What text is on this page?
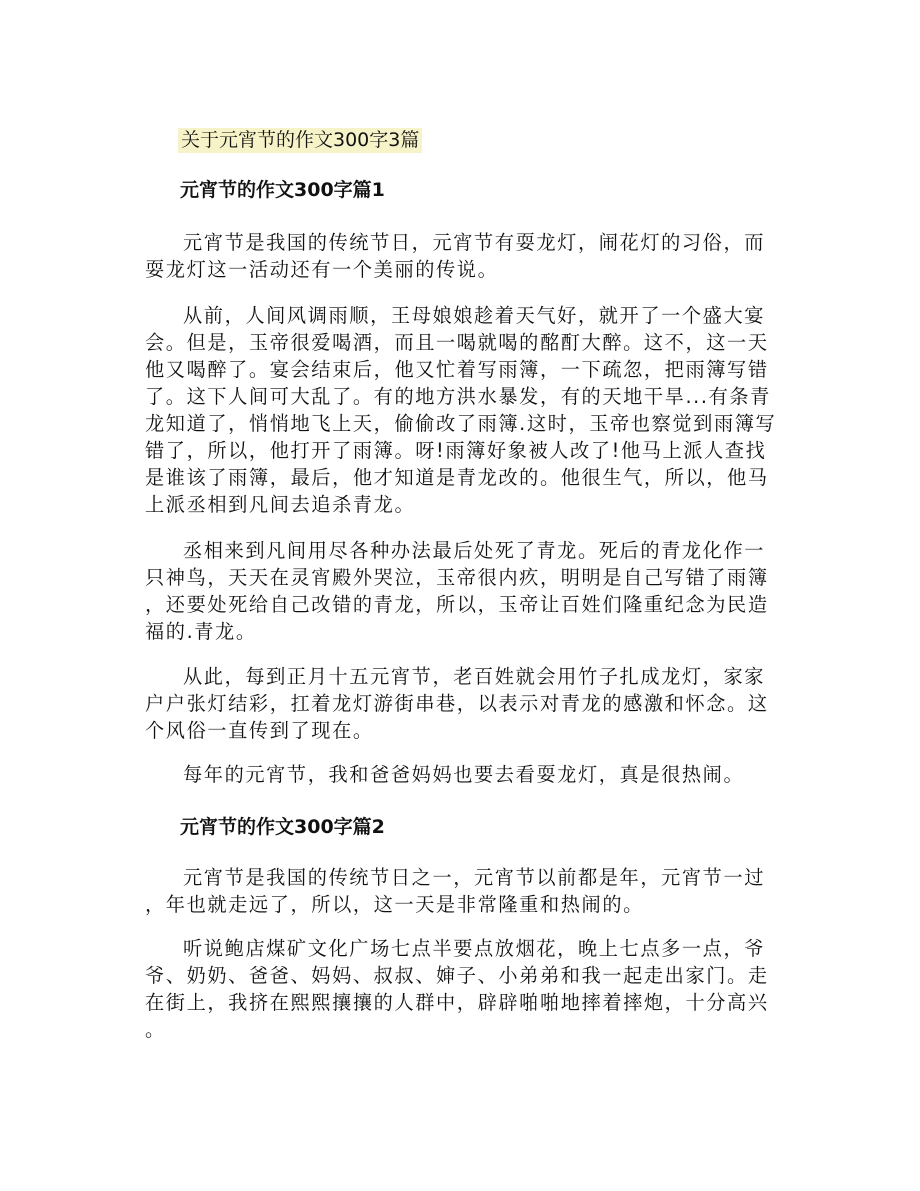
关于元宵节的作文300字3篇
元宵节的作文300字篇1
元宵节是我国的传统节日，元宵节有耍龙灯，闹花灯的习俗，而
耍龙灯这一活动还有一个美丽的传说。
从前，人间风调雨顺，王母娘娘趁着天气好，就开了一个盛大宴
会。但是，玉帝很爱喝酒，而且一喝就喝的酩酊大醉。这不，这一天
他又喝醉了。宴会结束后，他又忙着写雨簿，一下疏忽，把雨簿写错
了。这下人间可大乱了。有的地方洪水暴发，有的天地干旱...有条青
龙知道了，悄悄地飞上天，偷偷改了雨簿.这时，玉帝也察觉到雨簿写
错了，所以，他打开了雨簿。呀!雨簿好象被人改了!他马上派人查找
是谁该了雨簿，最后，他才知道是青龙改的。他很生气，所以，他马
上派丞相到凡间去追杀青龙。
丞相来到凡间用尽各种办法最后处死了青龙。死后的青龙化作一
只神鸟，天天在灵宵殿外哭泣，玉帝很内疚，明明是自己写错了雨簿
，还要处死给自己改错的青龙，所以，玉帝让百姓们隆重纪念为民造
福的.青龙。
从此，每到正月十五元宵节，老百姓就会用竹子扎成龙灯，家家
户户张灯结彩，扛着龙灯游街串巷，以表示对青龙的感激和怀念。这
个风俗一直传到了现在。
每年的元宵节，我和爸爸妈妈也要去看耍龙灯，真是很热闹。
元宵节的作文300字篇2
元宵节是我国的传统节日之一，元宵节以前都是年，元宵节一过
，年也就走远了，所以，这一天是非常隆重和热闹的。
听说鲍店煤矿文化广场七点半要点放烟花，晚上七点多一点，爷
爷、奶奶、爸爸、妈妈、叔叔、婶子、小弟弟和我一起走出家门。走
在街上，我挤在熙熙攘攘的人群中，辟辟啪啪地摔着摔炮，十分高兴
。
